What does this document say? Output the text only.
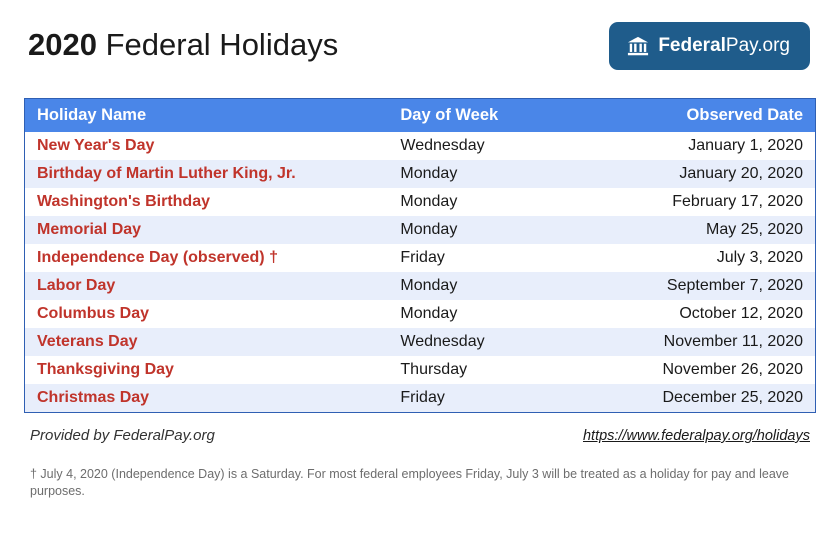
2020 Federal Holidays	FederalPay.org
Holiday Name	Day of Week	Observed Date
New Year's Day	Wednesday	January 1, 2020
Birthday of Martin Luther King, Jr.	Monday	January 20, 2020
Washington's Birthday	Monday	February 17, 2020
Memorial Day	Monday	May 25, 2020
Independence Day (observed) †	Friday	July 3, 2020
Labor Day	Monday	September 7, 2020
Columbus Day	Monday	October 12, 2020
Veterans Day	Wednesday	November 11, 2020
Thanksgiving Day	Thursday	November 26, 2020
Christmas Day	Friday	December 25, 2020
Provided by FederalPay.org	https://www.federalpay.org/holidays
† July 4, 2020 (Independence Day) is a Saturday. For most federal employees Friday, July 3 will be treated as a holiday for pay and leave purposes.
